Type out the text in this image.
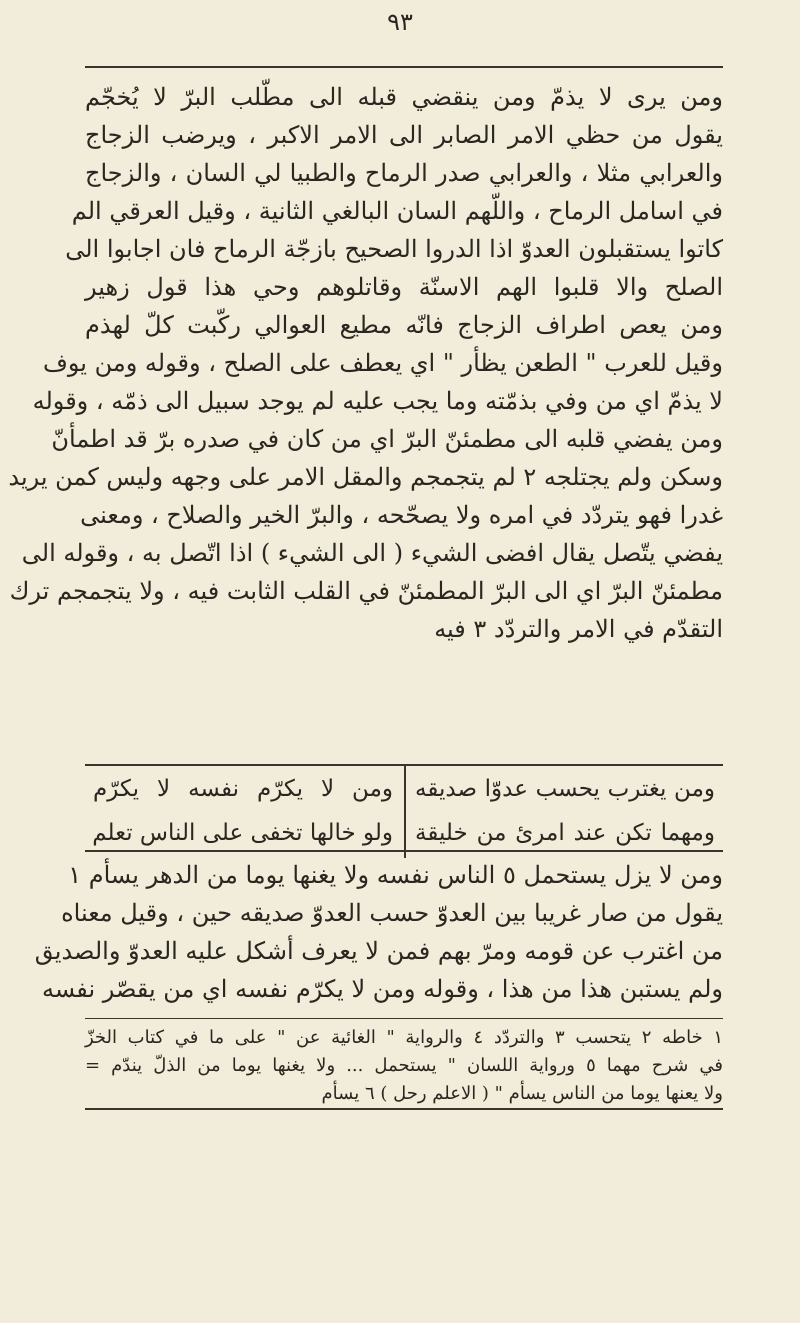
٩٣
ومن يرى لا يذمّ ومن ينقضي قبله الى مطّلب البرّ لا يُخجّم
يقول من حظي الامر الصابر الى الامر الاكبر ، ويرضب الزجاج
والعرابي مثلا ، والعرابي صدر الرماح والطبيا لي السان ، والزجاج
في اسامل الرماح ، واللّهم السان البالغي الثانية ، وقيل العرقي الم
كاتوا يستقبلون العدوّ اذا الدروا الصحيح بازجّة الرماح فان اجابوا الى
الصلح والا قلبوا الهم الاسنّة وقاتلوهم وحي هذا قول زهير
ومن يعص اطراف الزجاج فانّه مطيع العوالي ركّبت كلّ لهذم
وقيل للعرب " الطعن يظأر " اي يعطف على الصلح ، وقوله ومن يوف
لا يذمّ اي من وفي بذمّته وما يجب عليه لم يوجد سبيل الى ذمّه ، وقوله
ومن يفضي قلبه الى مطمئنّ البرّ اي من كان في صدره برّ قد اطمأنّ
وسكن ولم يجتلجه ٢ لم يتجمجم والمقل الامر على وجهه وليس كمن يريد
غدرا فهو يتردّد في امره ولا يصحّحه ، والبرّ الخير والصلاح ، ومعنى
يفضي يتّصل يقال افضى الشيء ( الى الشيء ) اذا اتّصل به ، وقوله الى
مطمئنّ البرّ اي الى البرّ المطمئنّ في القلب الثابت فيه ، ولا يتجمجم ترك
التقدّم في الامر والتردّد ٣ فيه
ومن يغترب يحسب عدوّا صديقه
ومن لا يكرّم نفسه لا يكرّم
ومهما تكن عند امرئ من خليقة
ولو خالها تخفى على الناس تعلم
ومن لا يزل يستحمل ٥ الناس نفسه ولا يغنها يوما من الدهر يسأم ١
يقول من صار غريبا بين العدوّ حسب العدوّ صديقه حين ، وقيل معناه
من اغترب عن قومه ومرّ بهم فمن لا يعرف أشكل عليه العدوّ والصديق
ولم يستبن هذا من هذا ، وقوله ومن لا يكرّم نفسه اي من يقصّر نفسه
١ خاطه ٢ يتحسب ٣ والتردّد ٤ والرواية " الغائية عن " على ما في كتاب الخزّ
في شرح مهما ٥ ورواية اللسان " يستحمل ... ولا يغنها يوما من الذلّ يندّم =
ولا يعنها يوما من الناس يسأم " ( الاعلم رحل ) ٦ يسأم
